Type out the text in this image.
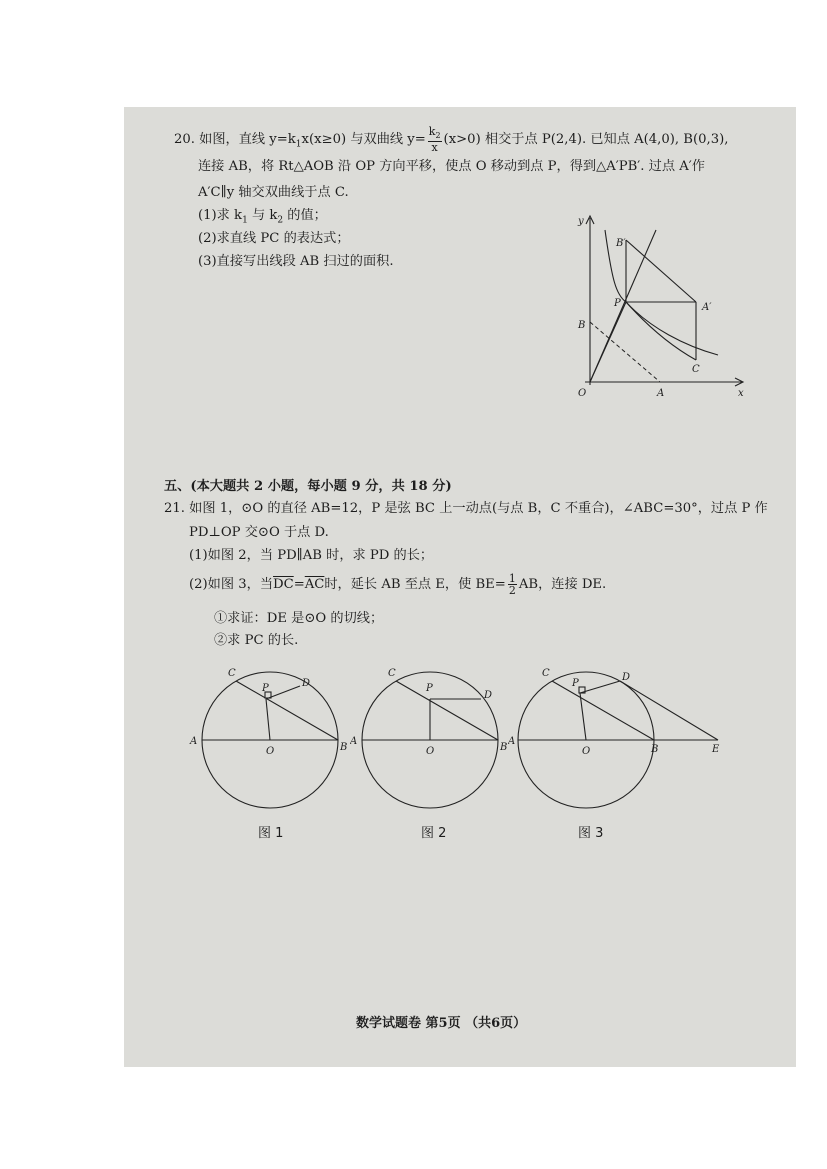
20. 如图，直线 $y=k_1x(x\ge 0)$ 与双曲线 $y= \frac{k_2}{x} (x>0)$ 相交于点 P(2,4). 已知点 A(4,0), B(0,3),
连接 AB，将 Rt△AOB 沿 OP 方向平移，使点 O 移动到点 P，得到△A′PB′. 过点 A′作
A′C∥y 轴交双曲线于点 C.
(1)求 $k_1$ 与 $k_2$ 的值；
(2)求直线 PC 的表达式；
(3)直接写出线段 AB 扫过的面积.
y
x
O	A
B
P
B′
A′
C
五、(本大题共 2 小题，每小题 9 分，共 18 分)
21. 如图 1，⊙O 的直径 AB=12，P 是弦 BC 上一动点(与点 B，C 不重合)，∠ABC=30°，过点 P 作
PD⊥OP 交⊙O 于点 D.
(1)如图 2，当 PD∥AB 时，求 PD 的长；
(2)如图 3，当$\overline{DC}=\overline{AC}$时，延长 AB 至点 E，使 $BE= \frac{1}{2}$ AB，连接 DE.
①求证：DE 是⊙O 的切线；
②求 PC 的长.
A
B
C
D
O
P
图 1
A
B
C
D
O
P
图 2
A
B
C	D
O
P
E
图 3
数学试题卷 第5页 （共6页）
